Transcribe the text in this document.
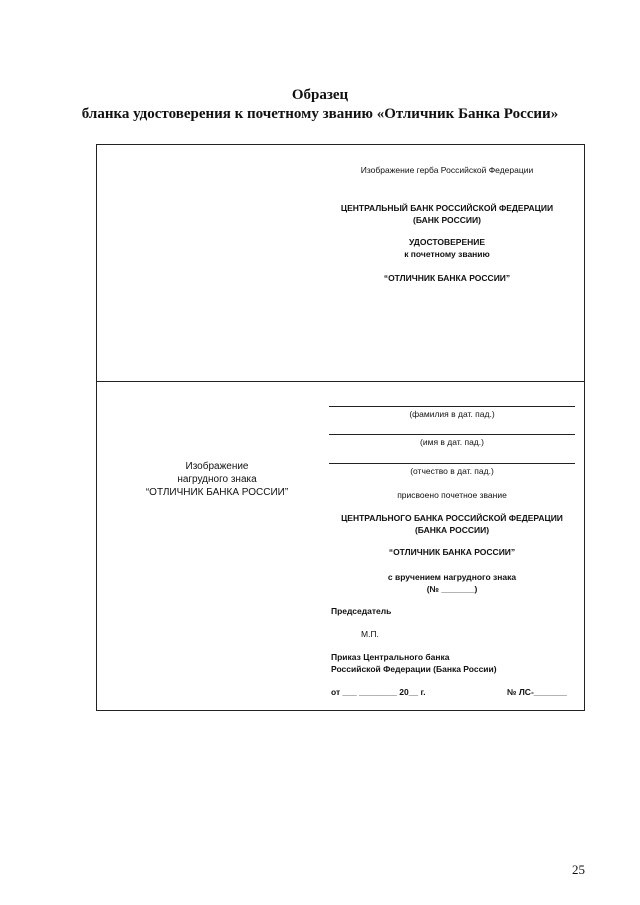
Образец
бланка удостоверения к почетному званию «Отличник Банка России»
Изображение герба Российской Федерации
ЦЕНТРАЛЬНЫЙ БАНК РОССИЙСКОЙ ФЕДЕРАЦИИ
(БАНК РОССИИ)
УДОСТОВЕРЕНИЕ
к почетному званию
“ОТЛИЧНИК БАНКА РОССИИ”
Изображение
нагрудного знака
“ОТЛИЧНИК БАНКА РОССИИ”
(фамилия в дат. пад.)
(имя в дат. пад.)
(отчество в дат. пад.)
присвоено почетное звание
ЦЕНТРАЛЬНОГО БАНКА РОССИЙСКОЙ ФЕДЕРАЦИИ
(БАНКА РОССИИ)
“ОТЛИЧНИК БАНКА РОССИИ”
с вручением нагрудного знака
(№ _______)
Председатель
М.П.
Приказ Центрального банка
Российской Федерации (Банка России)
от ___ ________ 20__ г.	№ ЛС-_______
25
